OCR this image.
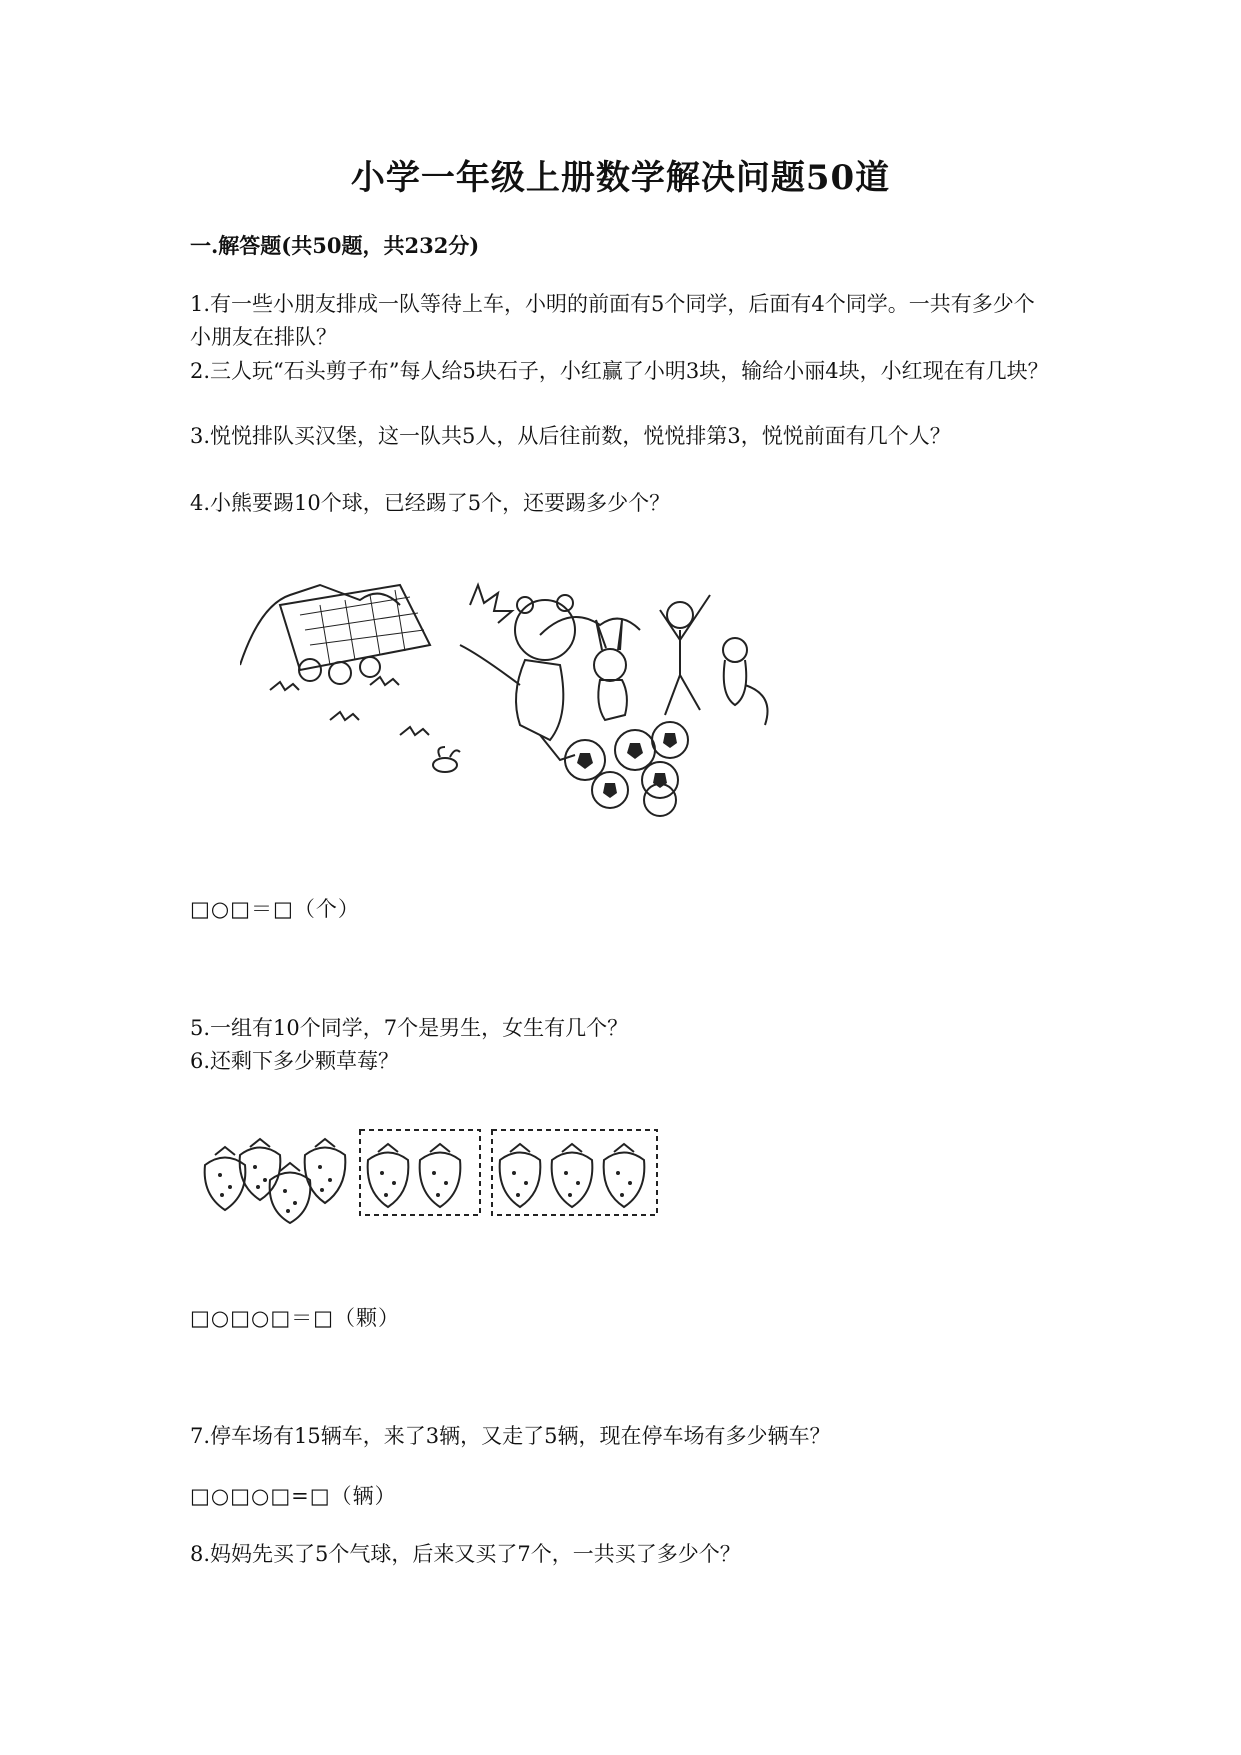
小学一年级上册数学解决问题50道
一.解答题(共50题，共232分)
1.有一些小朋友排成一队等待上车，小明的前面有5个同学，后面有4个同学。一共有多少个小朋友在排队？
2.三人玩“石头剪子布”每人给5块石子，小红赢了小明3块，输给小丽4块，小红现在有几块？
3.悦悦排队买汉堡，这一队共5人，从后往前数，悦悦排第3，悦悦前面有几个人？
4.小熊要踢10个球，已经踢了5个，还要踢多少个？
□○□＝□（个）
5.一组有10个同学，7个是男生，女生有几个？
6.还剩下多少颗草莓？
□○□○□＝□（颗）
7.停车场有15辆车，来了3辆，又走了5辆，现在停车场有多少辆车？
□○□○□=□（辆）
8.妈妈先买了5个气球，后来又买了7个，一共买了多少个？
